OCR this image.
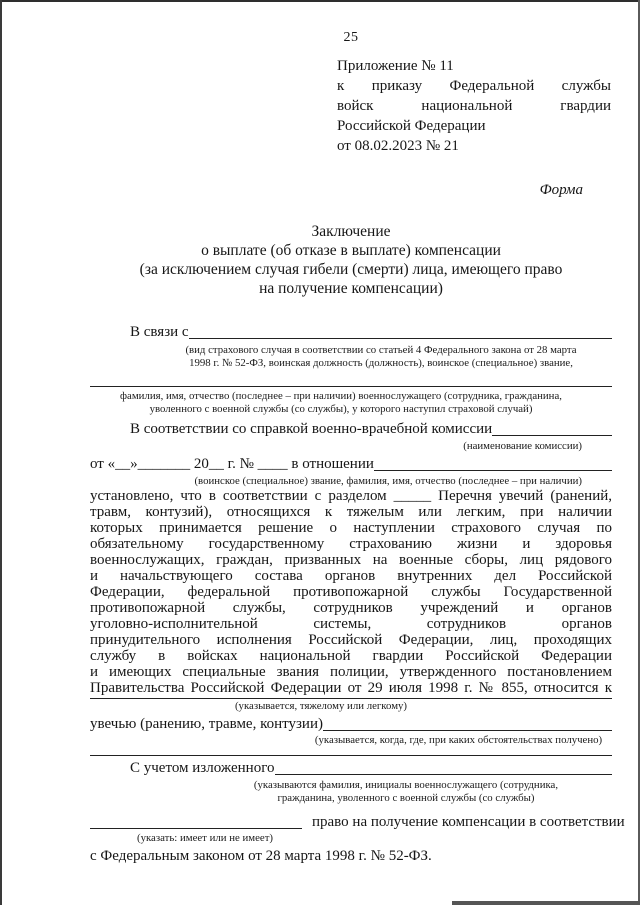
25
Приложение № 11
к приказу Федеральной службы
войск национальной гвардии
Российской Федерации
от 08.02.2023 № 21
Форма
Заключение
о выплате (об отказе в выплате) компенсации
(за исключением случая гибели (смерти) лица, имеющего право
на получение компенсации)
В связи с
(вид страхового случая в соответствии со статьей 4 Федерального закона от 28 марта
1998 г. № 52-ФЗ, воинская должность (должность), воинское (специальное) звание,
фамилия, имя, отчество (последнее – при наличии) военнослужащего (сотрудника, гражданина,
уволенного с военной службы (со службы), у которого наступил страховой случай)
В соответствии со справкой военно-врачебной комиссии
(наименование комиссии)
от «__»_______ 20__ г. № ____ в отношении
(воинское (специальное) звание, фамилия, имя, отчество (последнее – при наличии)
установлено, что в соответствии с разделом _____ Перечня увечий (ранений,
травм, контузий), относящихся к тяжелым или легким, при наличии
которых принимается решение о наступлении страхового случая по
обязательному государственному страхованию жизни и здоровья
военнослужащих, граждан, призванных на военные сборы, лиц рядового
и начальствующего состава органов внутренних дел Российской
Федерации, федеральной противопожарной службы Государственной
противопожарной службы, сотрудников учреждений и органов
уголовно-исполнительной системы, сотрудников органов
принудительного исполнения Российской Федерации, лиц, проходящих
службу в войсках национальной гвардии Российской Федерации
и имеющих специальные звания полиции, утвержденного постановлением
Правительства Российской Федерации от 29 июля 1998 г. № 855, относится к
(указывается, тяжелому или легкому)
увечью (ранению, травме, контузии)
(указывается, когда, где, при каких обстоятельствах получено)
С учетом изложенного
(указываются фамилия, инициалы военнослужащего (сотрудника,
гражданина, уволенного с военной службы (со службы)
право на получение компенсации в соответствии
(указать: имеет или не имеет)
с Федеральным законом от 28 марта 1998 г. № 52-ФЗ.
